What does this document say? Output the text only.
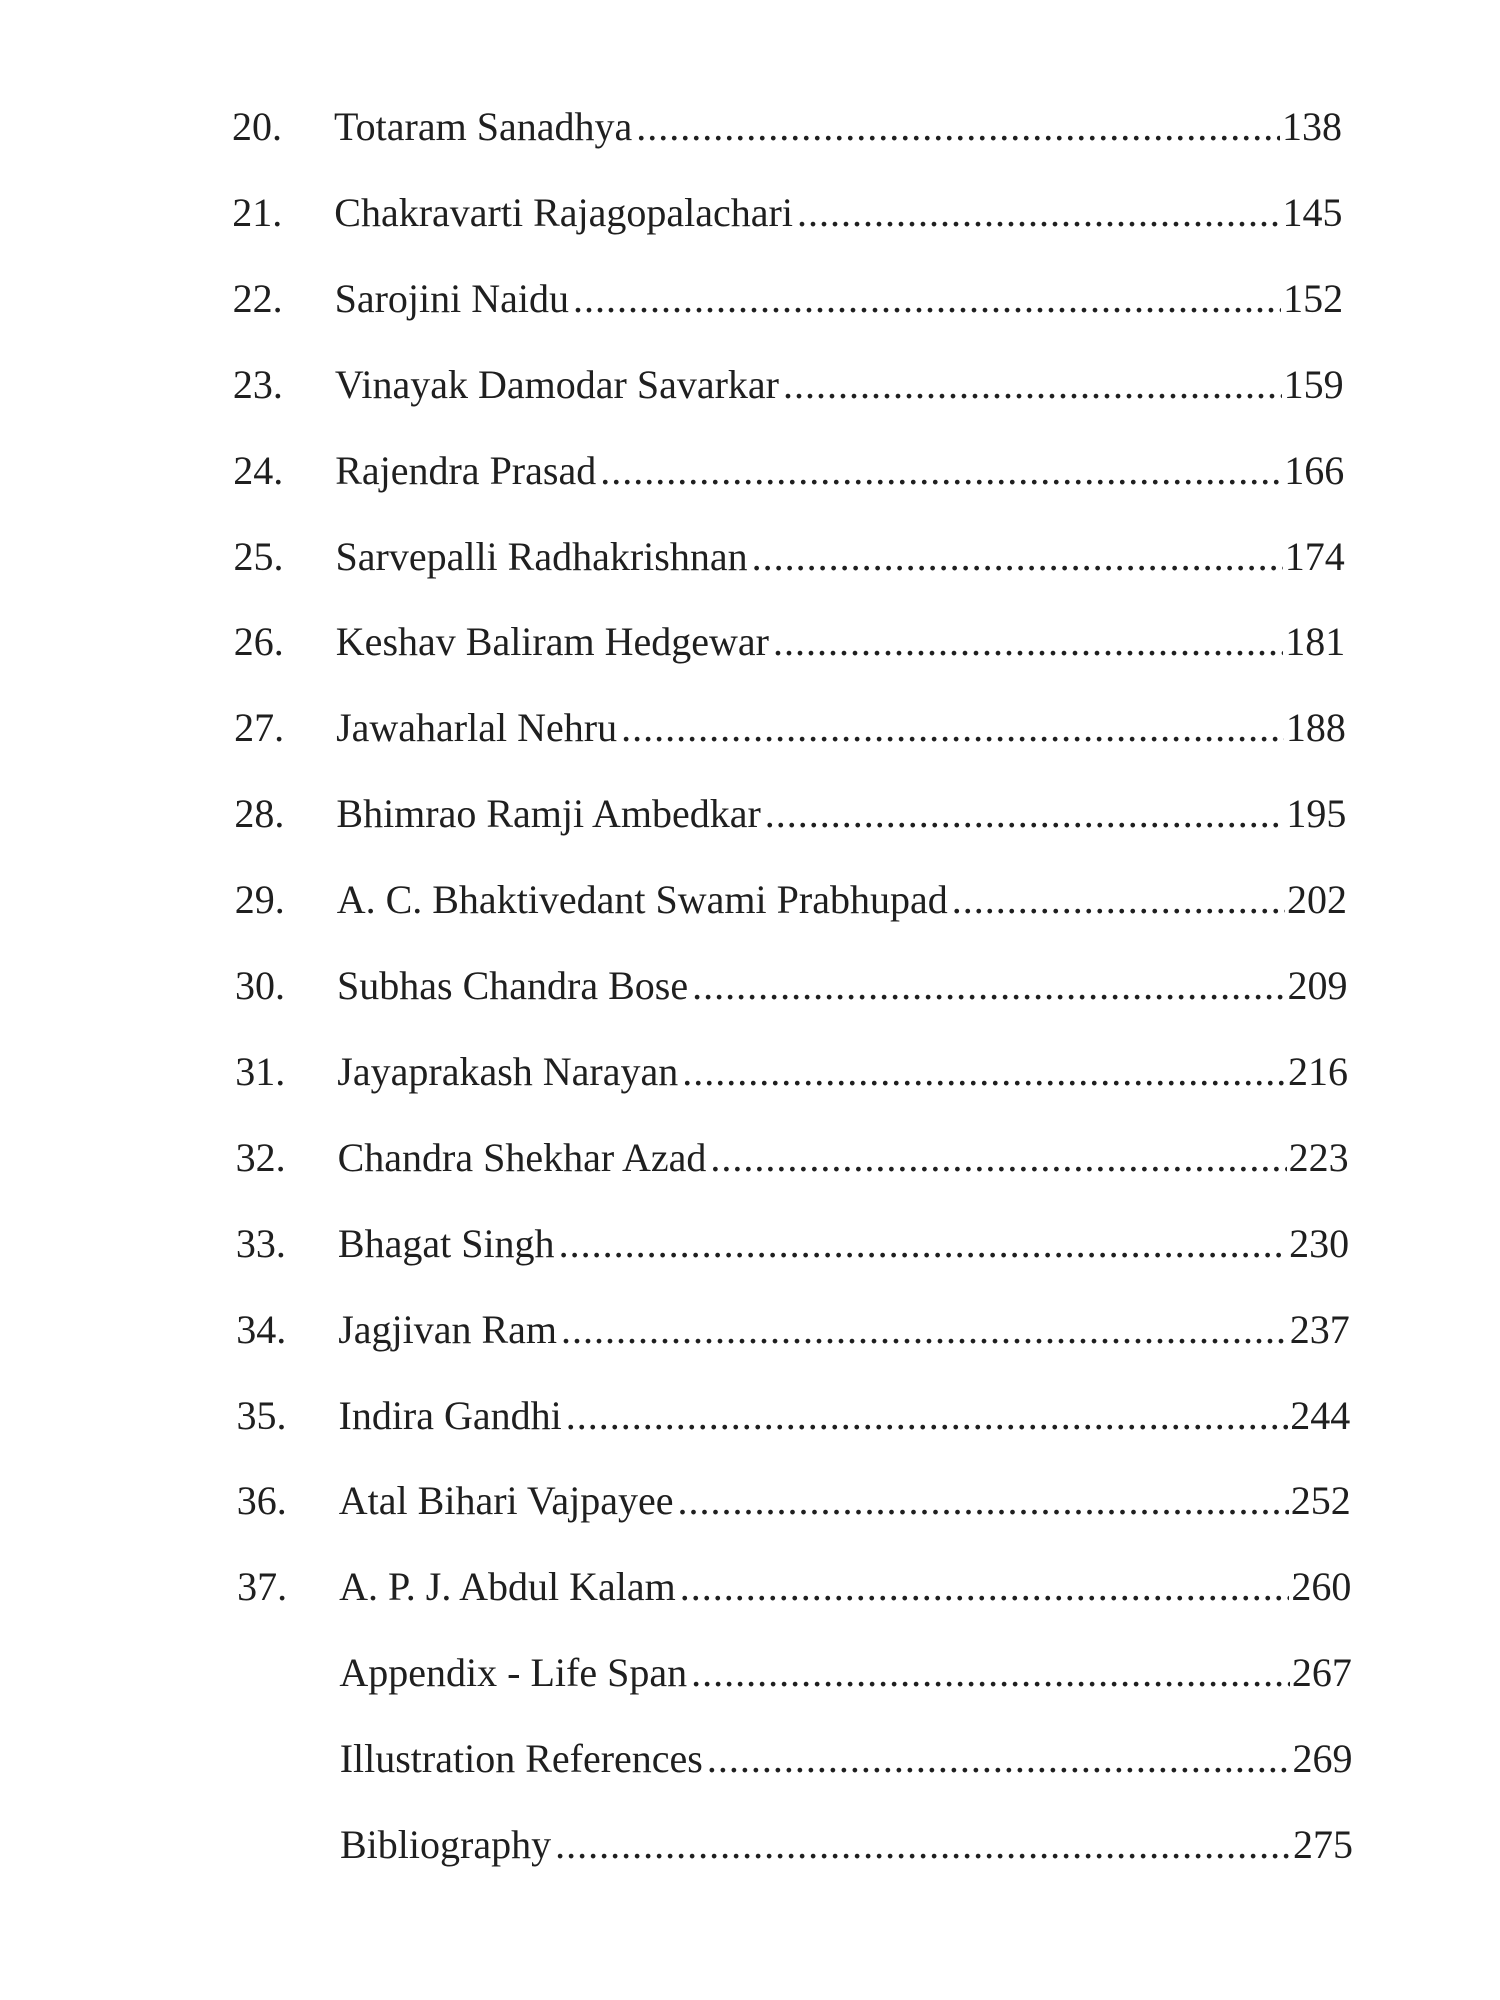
20.	Totaram Sanadhya .....	138
21.	Chakravarti Rajagopalachari .....	145
22.	Sarojini Naidu .....	152
23.	Vinayak Damodar Savarkar .....	159
24.	Rajendra Prasad .....	166
25.	Sarvepalli Radhakrishnan .....	174
26.	Keshav Baliram Hedgewar .....	181
27.	Jawaharlal Nehru .....	188
28.	Bhimrao Ramji Ambedkar .....	195
29.	A. C. Bhaktivedant Swami Prabhupad .....	202
30.	Subhas Chandra Bose .....	209
31.	Jayaprakash Narayan .....	216
32.	Chandra Shekhar Azad .....	223
33.	Bhagat Singh .....	230
34.	Jagjivan Ram .....	237
35.	Indira Gandhi .....	244
36.	Atal Bihari Vajpayee .....	252
37.	A. P. J. Abdul Kalam .....	260
Appendix - Life Span .....	267
Illustration References .....	269
Bibliography .....	275
